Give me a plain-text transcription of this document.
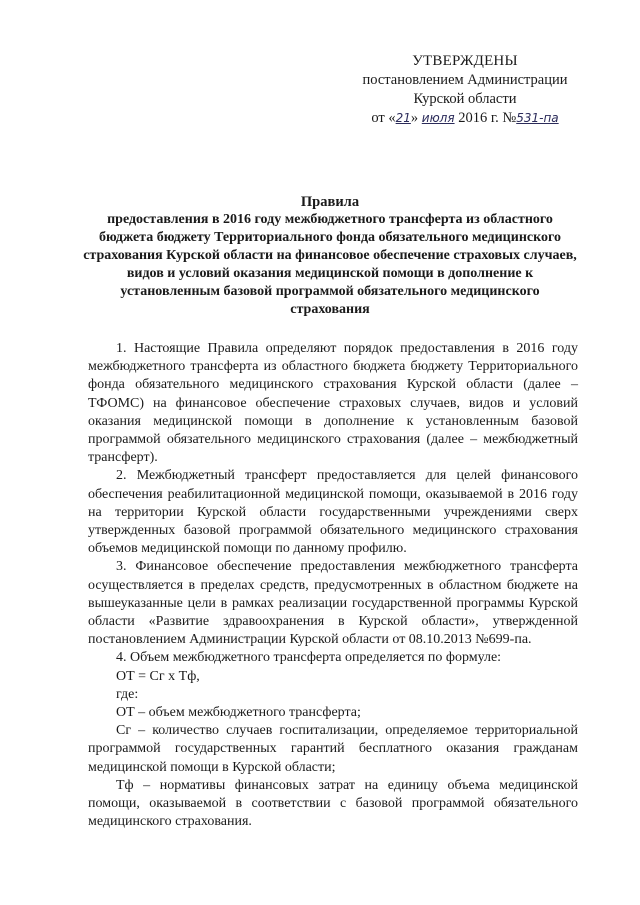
УТВЕРЖДЕНЫ
постановлением Администрации
Курской области
от «21» июля 2016 г. №531-па
Правила
предоставления в 2016 году межбюджетного трансферта из областного бюджета бюджету Территориального фонда обязательного медицинского страхования Курской области на финансовое обеспечение страховых случаев, видов и условий оказания медицинской помощи в дополнение к установленным базовой программой обязательного медицинского страхования

1. Настоящие Правила определяют порядок предоставления в 2016 году межбюджетного трансферта из областного бюджета бюджету Территориального фонда обязательного медицинского страхования Курской области (далее – ТФОМС) на финансовое обеспечение страховых случаев, видов и условий оказания медицинской помощи в дополнение к установленным базовой программой обязательного медицинского страхования (далее – межбюджетный трансферт).

2. Межбюджетный трансферт предоставляется для целей финансового обеспечения реабилитационной медицинской помощи, оказываемой в 2016 году на территории Курской области государственными учреждениями сверх утвержденных базовой программой обязательного медицинского страхования объемов медицинской помощи по данному профилю.

3. Финансовое обеспечение предоставления межбюджетного трансферта осуществляется в пределах средств, предусмотренных в областном бюджете на вышеуказанные цели в рамках реализации государственной программы Курской области «Развитие здравоохранения в Курской области», утвержденной постановлением Администрации Курской области от 08.10.2013 №699-па.

4. Объем межбюджетного трансферта определяется по формуле:

ОТ = Сг х Тф,

где:

ОТ – объем межбюджетного трансферта;

Сг – количество случаев госпитализации, определяемое территориальной программой государственных гарантий бесплатного оказания гражданам медицинской помощи в Курской области;

Тф – нормативы финансовых затрат на единицу объема медицинской помощи, оказываемой в соответствии с базовой программой обязательного медицинского страхования.
